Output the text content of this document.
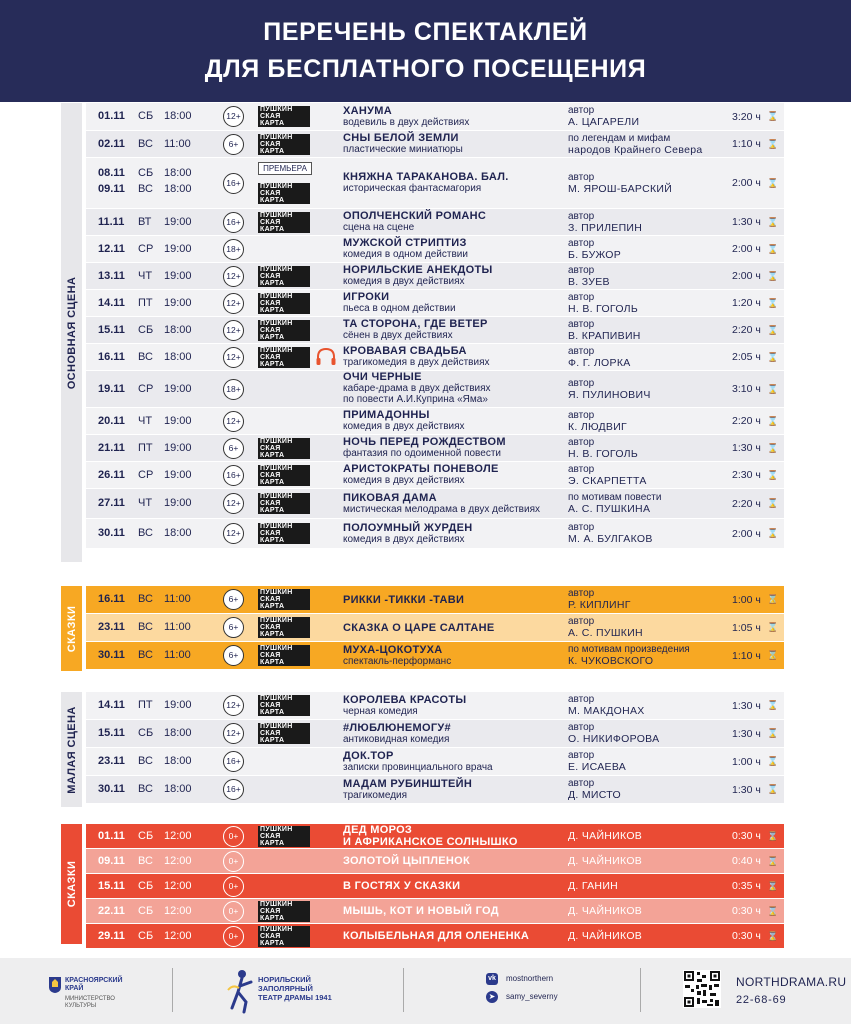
ПЕРЕЧЕНЬ СПЕКТАКЛЕЙ
ДЛЯ БЕСПЛАТНОГО ПОСЕЩЕНИЯ
ОСНОВНАЯ СЦЕНА
01.11 СБ 18:00	12+
ПУШКИН
СКАЯ
КАРТА
ХАНУМА
водевиль в двух действиях
автор
А. ЦАГАРЕЛИ	3:20 ч ⌛
02.11 ВС 11:00	6+
ПУШКИН
СКАЯ
КАРТА
СНЫ БЕЛОЙ ЗЕМЛИ
пластические миниатюры
по легендам и мифам
народов Крайнего Севера	1:10 ч ⌛
08.11 СБ 18:00
09.11 ВС 18:00
16+
ПРЕМЬЕРА
ПУШКИН
СКАЯ
КАРТА
КНЯЖНА ТАРАКАНОВА. БАЛ.
историческая фантасмагория
автор
М. ЯРОШ-БАРСКИЙ	2:00 ч ⌛
11.11 ВТ 19:00	16+
ПУШКИН
СКАЯ
КАРТА
ОПОЛЧЕНСКИЙ РОМАНС
сцена на сцене
автор
З. ПРИЛЕПИН	1:30 ч ⌛
12.11 СР 19:00	18+	МУЖСКОЙ СТРИПТИЗ
комедия в одном действии
автор
Б. БУЖОР	2:00 ч ⌛
13.11 ЧТ 19:00	12+
ПУШКИН
СКАЯ
КАРТА
НОРИЛЬСКИЕ АНЕКДОТЫ
комедия в двух действиях
автор
В. ЗУЕВ	2:00 ч ⌛
14.11 ПТ 19:00	12+
ПУШКИН
СКАЯ
КАРТА
ИГРОКИ
пьеса в одном действии
автор
Н. В. ГОГОЛЬ	1:20 ч ⌛
15.11 СБ 18:00	12+
ПУШКИН
СКАЯ
КАРТА
ТА СТОРОНА, ГДЕ ВЕТЕР
сёнен в двух действиях
автор
В. КРАПИВИН	2:20 ч ⌛
16.11 ВС 18:00	12+
ПУШКИН
СКАЯ
КАРТА
КРОВАВАЯ СВАДЬБА
трагикомедия в двух действиях
автор
Ф. Г. ЛОРКА	2:05 ч ⌛
19.11 СР 19:00	18+
ОЧИ ЧЕРНЫЕ
кабаре-драма в двух действиях
по повести А.И.Куприна «Яма»
автор
Я. ПУЛИНОВИЧ	3:10 ч ⌛
20.11 ЧТ 19:00	12+	ПРИМАДОННЫ
комедия в двух действиях
автор
К. ЛЮДВИГ	2:20 ч ⌛
21.11 ПТ 19:00	6+
ПУШКИН
СКАЯ
КАРТА
НОЧЬ ПЕРЕД РОЖДЕСТВОМ
фантазия по одоименной повести
автор
Н. В. ГОГОЛЬ	1:30 ч ⌛
26.11 СР 19:00	16+
ПУШКИН
СКАЯ
КАРТА
АРИСТОКРАТЫ ПОНЕВОЛЕ
комедия в двух действиях
автор
Э. СКАРПЕТТА	2:30 ч ⌛
27.11 ЧТ 19:00	12+
ПУШКИН
СКАЯ
КАРТА
ПИКОВАЯ ДАМА
мистическая мелодрама в двух действиях
по мотивам повести
А. С. ПУШКИНА	2:20 ч ⌛
30.11 ВС 18:00	12+
ПУШКИН
СКАЯ
КАРТА
ПОЛОУМНЫЙ ЖУРДЕН
комедия в двух действиях
автор
М. А. БУЛГАКОВ	2:00 ч ⌛
СКАЗКИ
16.11 ВС 11:00	6+
ПУШКИН
СКАЯ
КАРТА
РИККИ -ТИККИ -ТАВИ
автор
Р. КИПЛИНГ	1:00 ч ⌛
23.11 ВС 11:00	6+
ПУШКИН
СКАЯ
КАРТА
СКАЗКА О ЦАРЕ САЛТАНЕ
автор
А. С. ПУШКИН	1:05 ч ⌛
30.11 ВС 11:00	6+
ПУШКИН
СКАЯ
КАРТА
МУХА-ЦОКОТУХА
спектакль-перформанс
по мотивам произведения
К. ЧУКОВСКОГО	1:10 ч ⌛
МАЛАЯ СЦЕНА
14.11 ПТ 19:00	12+
ПУШКИН
СКАЯ
КАРТА
КОРОЛЕВА КРАСОТЫ
черная комедия
автор
М. МАКДОНАХ	1:30 ч ⌛
15.11 СБ 18:00	12+
ПУШКИН
СКАЯ
КАРТА
#ЛЮБЛЮНЕМОГУ#
антиковидная комедия
автор
О. НИКИФОРОВА	1:30 ч ⌛
23.11 ВС 18:00	16+	ДОК.ТОР
записки провинциального врача
автор
Е. ИСАЕВА	1:00 ч ⌛
30.11 ВС 18:00	16+	МАДАМ РУБИНШТЕЙН
трагикомедия
автор
Д. МИСТО	1:30 ч ⌛
СКАЗКИ
01.11 СБ 12:00	0+
ПУШКИН
СКАЯ
КАРТА
ДЕД МОРОЗ
И АФРИКАНСКОЕ СОЛНЫШКО
Д. ЧАЙНИКОВ	0:30 ч ⌛
09.11 ВС 12:00	0+	ЗОЛОТОЙ ЦЫПЛЕНОК	Д. ЧАЙНИКОВ	0:40 ч ⌛
15.11 СБ 12:00	0+	В ГОСТЯХ У СКАЗКИ	Д. ГАНИН	0:35 ч ⌛
22.11 СБ 12:00	0+
ПУШКИН
СКАЯ
КАРТА
МЫШЬ, КОТ И НОВЫЙ ГОД	Д. ЧАЙНИКОВ	0:30 ч ⌛
29.11 СБ 12:00	0+
ПУШКИН
СКАЯ
КАРТА
КОЛЫБЕЛЬНАЯ ДЛЯ ОЛЕНЕНКА	Д. ЧАЙНИКОВ	0:30 ч ⌛
КРАСНОЯРСКИЙ
КРАЙ
МИНИСТЕРСТВО
КУЛЬТУРЫ
НОРИЛЬСКИЙ
ЗАПОЛЯРНЫЙ
ТЕАТР ДРАМЫ 1941
vk mostnorthern
➤	samy_severny
NORTHDRAMA.RU
22-68-69
